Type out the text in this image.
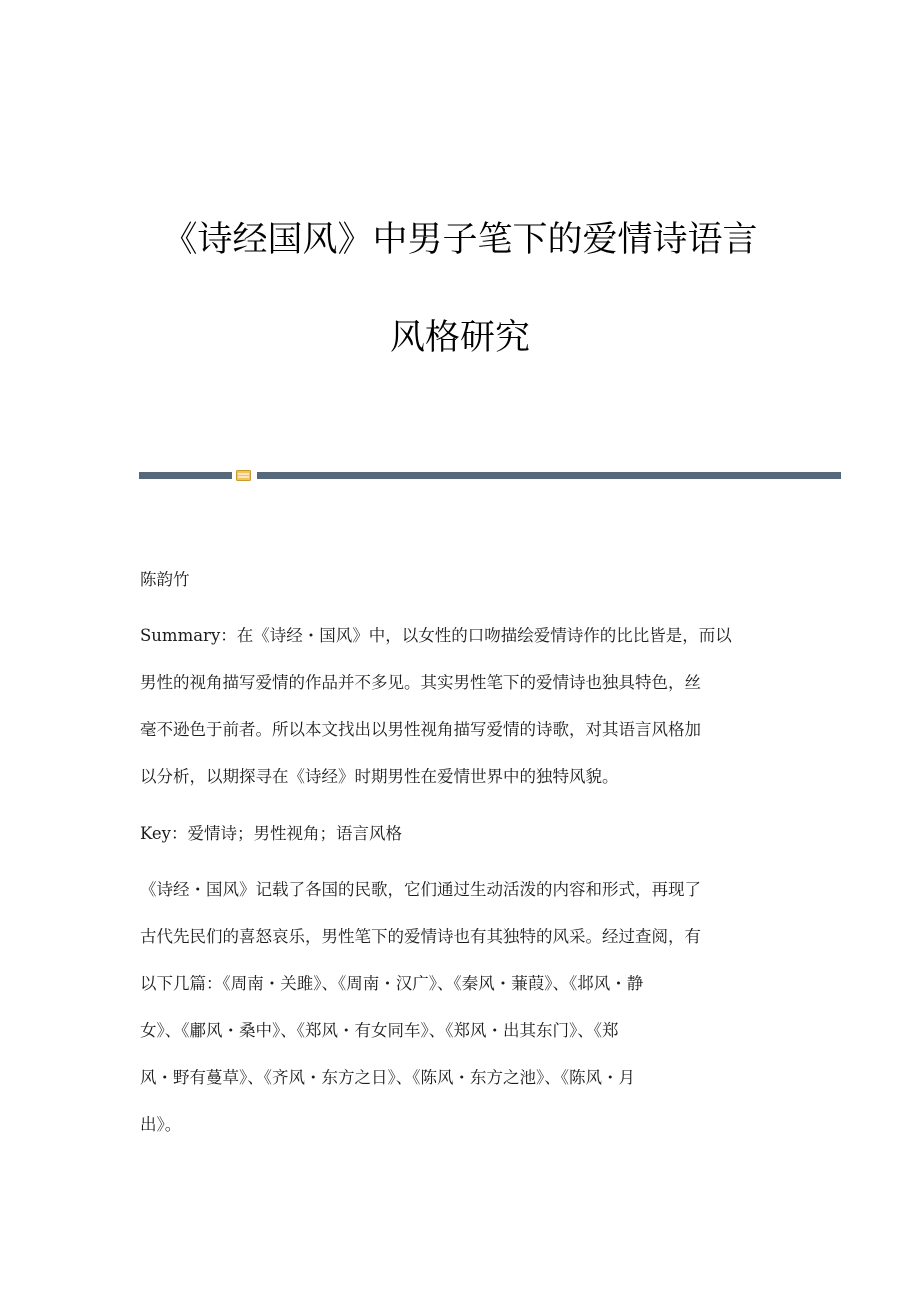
《诗经国风》中男子笔下的爱情诗语言
风格研究
陈韵竹
Summary：在《诗经・国风》中，以女性的口吻描绘爱情诗作的比比皆是，而以
男性的视角描写爱情的作品并不多见。其实男性笔下的爱情诗也独具特色，丝
毫不逊色于前者。所以本文找出以男性视角描写爱情的诗歌，对其语言风格加
以分析，以期探寻在《诗经》时期男性在爱情世界中的独特风貌。
Key：爱情诗；男性视角；语言风格
《诗经・国风》记载了各国的民歌，它们通过生动活泼的内容和形式，再现了
古代先民们的喜怒哀乐，男性笔下的爱情诗也有其独特的风采。经过查阅，有
以下几篇：《周南・关雎》、《周南・汉广》、《秦风・蒹葭》、《邶风・静
女》、《鄘风・桑中》、《郑风・有女同车》、《郑风・出其东门》、《郑
风・野有蔓草》、《齐风・东方之日》、《陈风・东方之池》、《陈风・月
出》。
